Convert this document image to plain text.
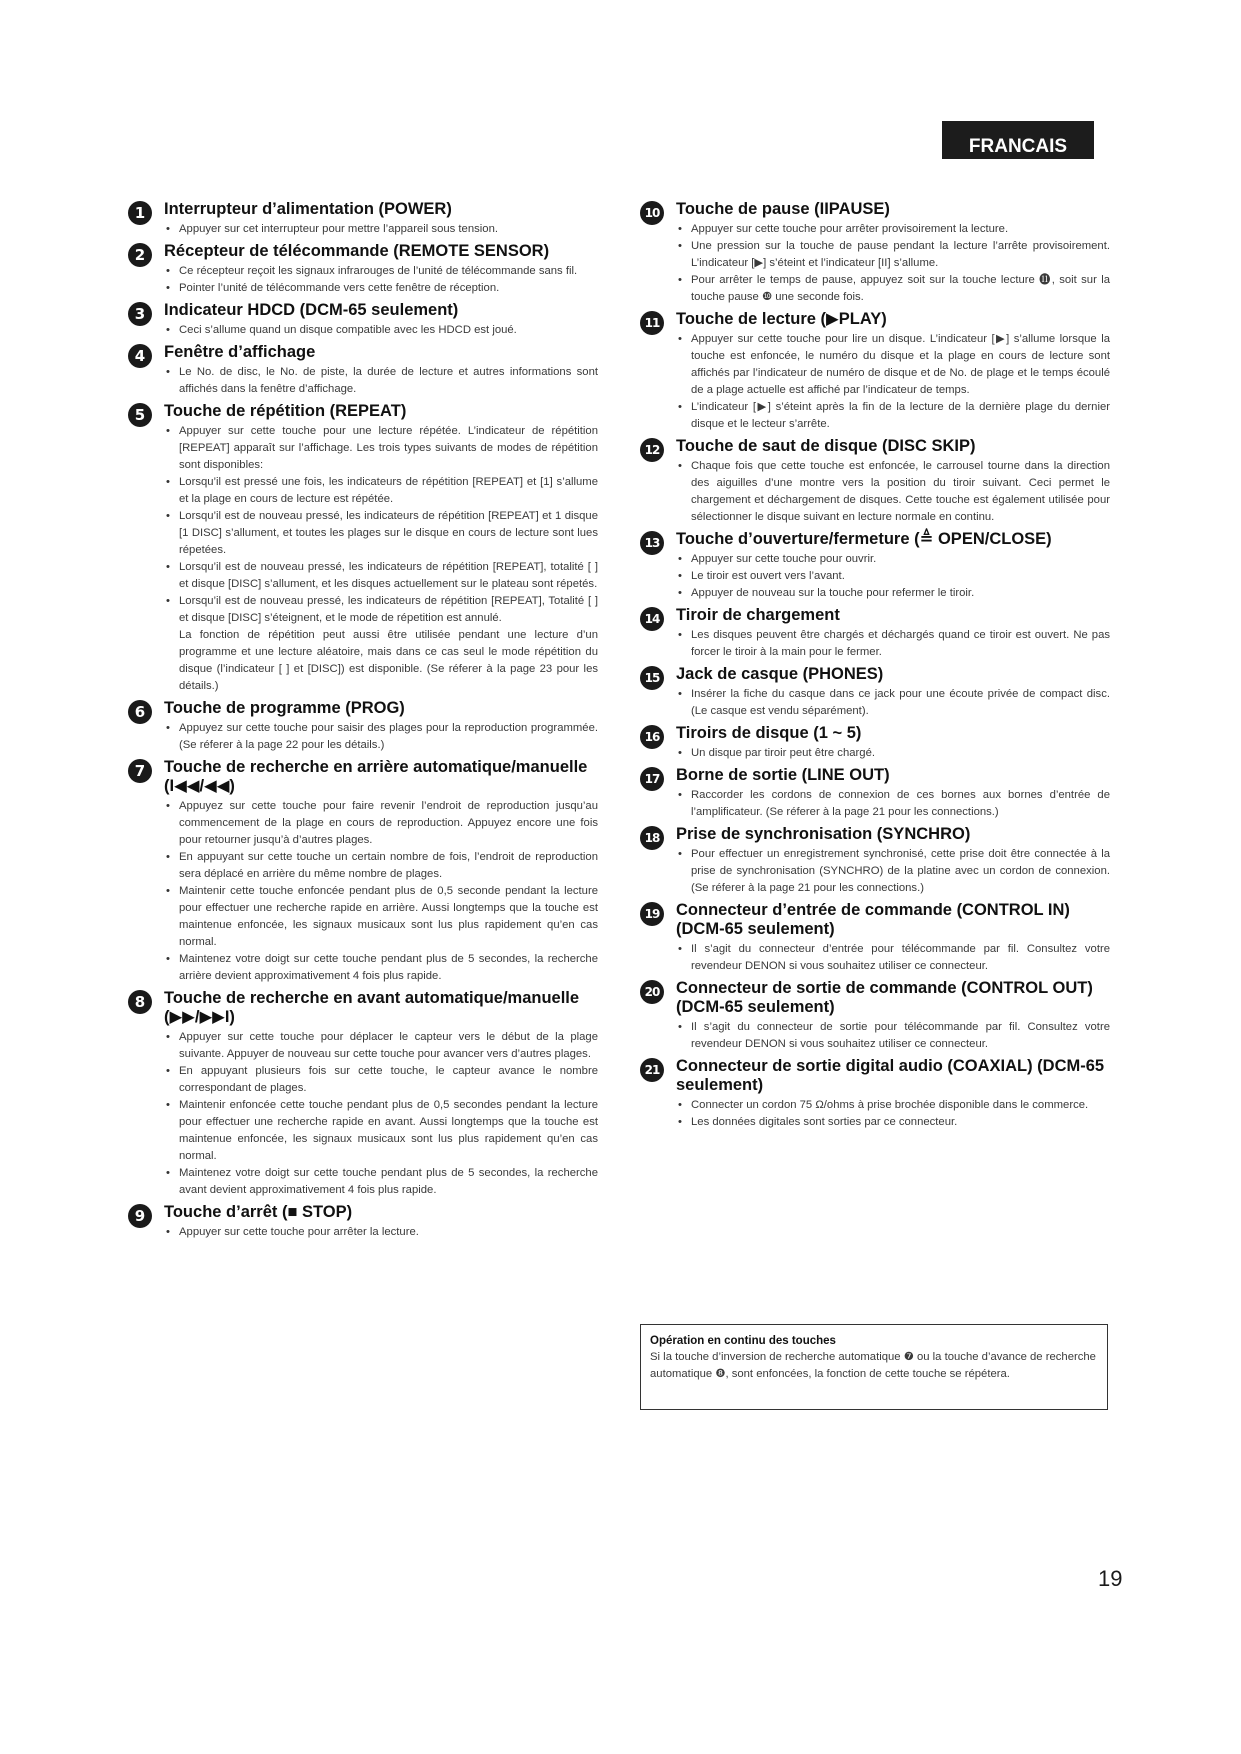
FRANCAIS
1	Interrupteur d’alimentation (POWER)
• Appuyer sur cet interrupteur pour mettre l’appareil sous tension.
2	Récepteur de télécommande (REMOTE SENSOR)
• Ce récepteur reçoit les signaux infrarouges de l’unité de télécommande sans fil.
• Pointer l’unité de télécommande vers cette fenêtre de réception.
3	Indicateur HDCD (DCM-65 seulement)
• Ceci s’allume quand un disque compatible avec les HDCD est joué.
4	Fenêtre d’affichage
• Le No. de disc, le No. de piste, la durée de lecture et autres informations sont affichés dans la fenêtre d’affichage.
5	Touche de répétition (REPEAT)
• Appuyer sur cette touche pour une lecture répétée. L’indicateur de répétition [REPEAT] apparaît sur l’affichage. Les trois types suivants de modes de répétition sont disponibles:
• Lorsqu’il est pressé une fois, les indicateurs de répétition [REPEAT] et [1] s’allume et la plage en cours de lecture est répétée.
• Lorsqu’il est de nouveau pressé, les indicateurs de répétition [REPEAT] et 1 disque [1 DISC] s’allument, et toutes les plages sur le disque en cours de lecture sont lues répetées.
• Lorsqu’il est de nouveau pressé, les indicateurs de répétition [REPEAT], totalité [ ] et disque [DISC] s’allument, et les disques actuellement sur le plateau sont répetés.
• Lorsqu’il est de nouveau pressé, les indicateurs de répétition [REPEAT], Totalité [ ] et disque [DISC] s’éteignent, et le mode de répetition est annulé.
La fonction de répétition peut aussi être utilisée pendant une lecture d’un programme et une lecture aléatoire, mais dans ce cas seul le mode répétition du disque (l’indicateur [ ] et [DISC]) est disponible. (Se réferer à la page 23 pour les détails.)
6	Touche de programme (PROG)
• Appuyez sur cette touche pour saisir des plages pour la reproduction programmée. (Se réferer à la page 22 pour les détails.)
7	Touche de recherche en arrière automatique/manuelle (I◀◀/◀◀)
• Appuyez sur cette touche pour faire revenir l’endroit de reproduction jusqu’au commencement de la plage en cours de reproduction. Appuyez encore une fois pour retourner jusqu’à d’autres plages.
• En appuyant sur cette touche un certain nombre de fois, l’endroit de reproduction sera déplacé en arrière du même nombre de plages.
• Maintenir cette touche enfoncée pendant plus de 0,5 seconde pendant la lecture pour effectuer une recherche rapide en arrière. Aussi longtemps que la touche est maintenue enfoncée, les signaux musicaux sont lus plus rapidement qu’en cas normal.
• Maintenez votre doigt sur cette touche pendant plus de 5 secondes, la recherche arrière devient approximativement 4 fois plus rapide.
8	Touche de recherche en avant automatique/manuelle (▶▶/▶▶I)
• Appuyer sur cette touche pour déplacer le capteur vers le début de la plage suivante. Appuyer de nouveau sur cette touche pour avancer vers d’autres plages.
• En appuyant plusieurs fois sur cette touche, le capteur avance le nombre correspondant de plages.
• Maintenir enfoncée cette touche pendant plus de 0,5 secondes pendant la lecture pour effectuer une recherche rapide en avant. Aussi longtemps que la touche est maintenue enfoncée, les signaux musicaux sont lus plus rapidement qu’en cas normal.
• Maintenez votre doigt sur cette touche pendant plus de 5 secondes, la recherche avant devient approximativement 4 fois plus rapide.
9	Touche d’arrêt (■ STOP)
• Appuyer sur cette touche pour arrêter la lecture.
10 Touche de pause (IIPAUSE)
• Appuyer sur cette touche pour arrêter provisoirement la lecture.
• Une pression sur la touche de pause pendant la lecture l’arrête provisoirement. L’indicateur [▶] s’éteint et l’indicateur [II] s’allume.
• Pour arrêter le temps de pause, appuyez soit sur la touche lecture ⓫, soit sur la touche pause ❿ une seconde fois.
11 Touche de lecture (▶PLAY)
• Appuyer sur cette touche pour lire un disque. L’indicateur [▶] s’allume lorsque la touche est enfoncée, le numéro du disque et la plage en cours de lecture sont affichés par l’indicateur de numéro de disque et de No. de plage et le temps écoulé de a plage actuelle est affiché par l’indicateur de temps.
• L’indicateur [▶] s’éteint après la fin de la lecture de la dernière plage du dernier disque et le lecteur s’arrête.
12 Touche de saut de disque (DISC SKIP)
• Chaque fois que cette touche est enfoncée, le carrousel tourne dans la direction des aiguilles d’une montre vers la position du tiroir suivant. Ceci permet le chargement et déchargement de disques. Cette touche est également utilisée pour sélectionner le disque suivant en lecture normale en continu.
13 Touche d’ouverture/fermeture (≜ OPEN/CLOSE)
• Appuyer sur cette touche pour ouvrir.
• Le tiroir est ouvert vers l’avant.
• Appuyer de nouveau sur la touche pour refermer le tiroir.
14 Tiroir de chargement
• Les disques peuvent être chargés et déchargés quand ce tiroir est ouvert. Ne pas forcer le tiroir à la main pour le fermer.
15 Jack de casque (PHONES)
• Insérer la fiche du casque dans ce jack pour une écoute privée de compact disc. (Le casque est vendu séparément).
16 Tiroirs de disque (1 ~ 5)
• Un disque par tiroir peut être chargé.
17 Borne de sortie (LINE OUT)
• Raccorder les cordons de connexion de ces bornes aux bornes d’entrée de l’amplificateur. (Se réferer à la page 21 pour les connections.)
18 Prise de synchronisation (SYNCHRO)
• Pour effectuer un enregistrement synchronisé, cette prise doit être connectée à la prise de synchronisation (SYNCHRO) de la platine avec un cordon de connexion. (Se réferer à la page 21 pour les connections.)
19 Connecteur d’entrée de commande (CONTROL IN) (DCM-65 seulement)
• Il s’agit du connecteur d’entrée pour télécommande par fil. Consultez votre revendeur DENON si vous souhaitez utiliser ce connecteur.
20 Connecteur de sortie de commande (CONTROL OUT) (DCM-65 seulement)
• Il s’agit du connecteur de sortie pour télécommande par fil. Consultez votre revendeur DENON si vous souhaitez utiliser ce connecteur.
21 Connecteur de sortie digital audio (COAXIAL) (DCM-65 seulement)
• Connecter un cordon 75 Ω/ohms à prise brochée disponible dans le commerce.
• Les données digitales sont sorties par ce connecteur.
Opération en continu des touches
Si la touche d’inversion de recherche automatique ❼ ou la touche d’avance de recherche automatique ❽, sont enfoncées, la fonction de cette touche se répétera.
19
